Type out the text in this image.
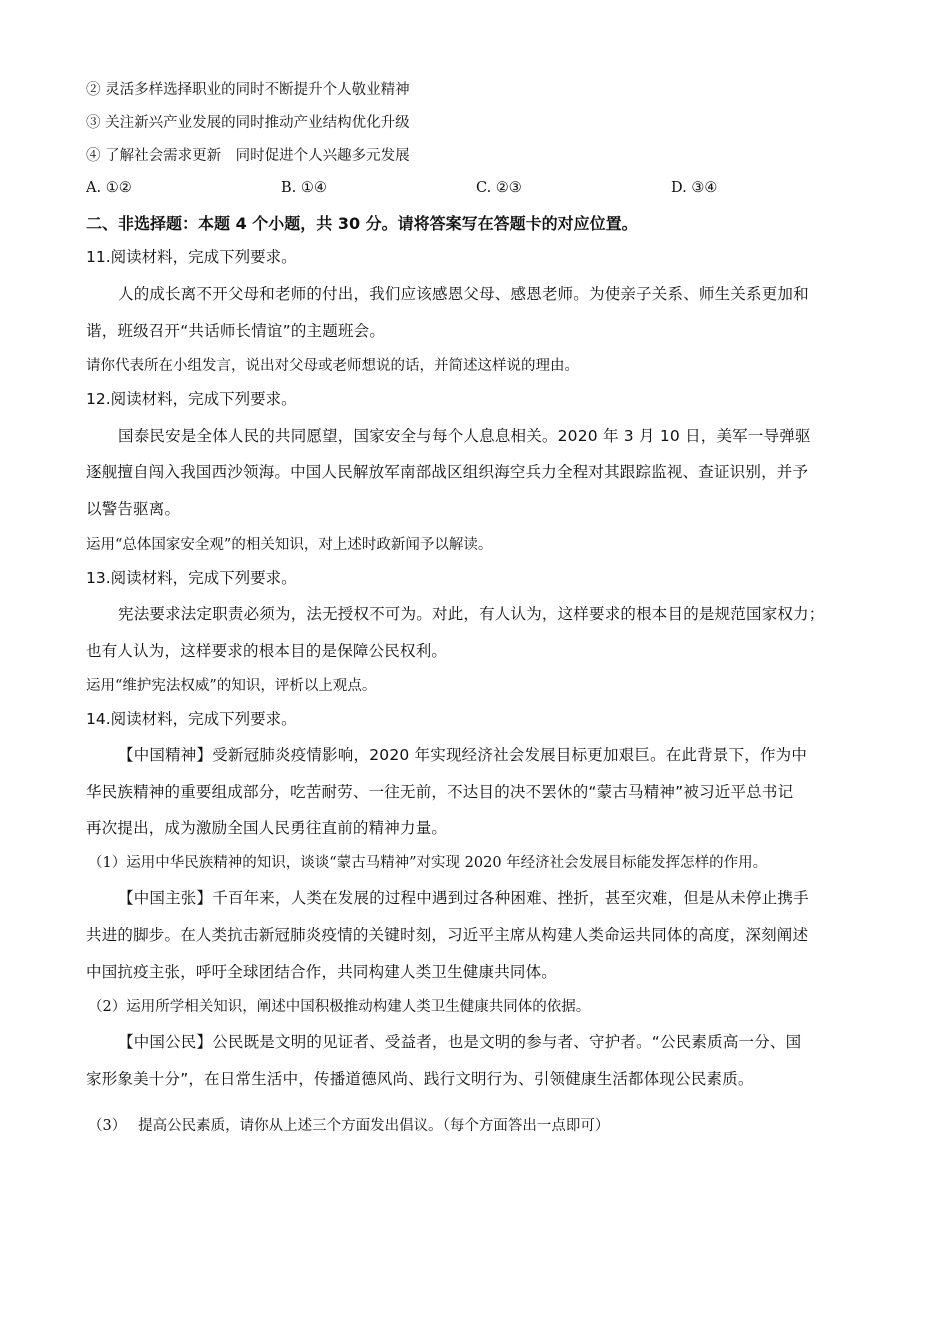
② 灵活多样选择职业的同时不断提升个人敬业精神
③ 关注新兴产业发展的同时推动产业结构优化升级
④ 了解社会需求更新　同时促进个人兴趣多元发展
A. ①②	B. ①④	C. ②③	D. ③④
二、非选择题：本题 4 个小题，共 30 分。请将答案写在答题卡的对应位置。
11.阅读材料，完成下列要求。
人的成长离不开父母和老师的付出，我们应该感恩父母、感恩老师。为使亲子关系、师生关系更加和
谐，班级召开“共话师长情谊”的主题班会。
请你代表所在小组发言，说出对父母或老师想说的话，并简述这样说的理由。
12.阅读材料，完成下列要求。
国泰民安是全体人民的共同愿望，国家安全与每个人息息相关。2020 年 3 月 10 日，美军一导弹驱
逐舰擅自闯入我国西沙领海。中国人民解放军南部战区组织海空兵力全程对其跟踪监视、查证识别，并予
以警告驱离。
运用“总体国家安全观”的相关知识，对上述时政新闻予以解读。
13.阅读材料，完成下列要求。
宪法要求法定职责必须为，法无授权不可为。对此，有人认为，这样要求的根本目的是规范国家权力；
也有人认为，这样要求的根本目的是保障公民权利。
运用“维护宪法权威”的知识，评析以上观点。
14.阅读材料，完成下列要求。
【中国精神】受新冠肺炎疫情影响，2020 年实现经济社会发展目标更加艰巨。在此背景下，作为中
华民族精神的重要组成部分，吃苦耐劳、一往无前，不达目的决不罢休的“蒙古马精神”被习近平总书记
再次提出，成为激励全国人民勇往直前的精神力量。
（1）运用中华民族精神的知识，谈谈“蒙古马精神”对实现 2020 年经济社会发展目标能发挥怎样的作用。
【中国主张】千百年来，人类在发展的过程中遇到过各种困难、挫折，甚至灾难，但是从未停止携手
共进的脚步。在人类抗击新冠肺炎疫情的关键时刻，习近平主席从构建人类命运共同体的高度，深刻阐述
中国抗疫主张，呼吁全球团结合作，共同构建人类卫生健康共同体。
（2）运用所学相关知识，阐述中国积极推动构建人类卫生健康共同体的依据。
【中国公民】公民既是文明的见证者、受益者，也是文明的参与者、守护者。“公民素质高一分、国
家形象美十分”，在日常生活中，传播道德风尚、践行文明行为、引领健康生活都体现公民素质。
（3）　 提高公民素质，请你从上述三个方面发出倡议。（每个方面答出一点即可）
